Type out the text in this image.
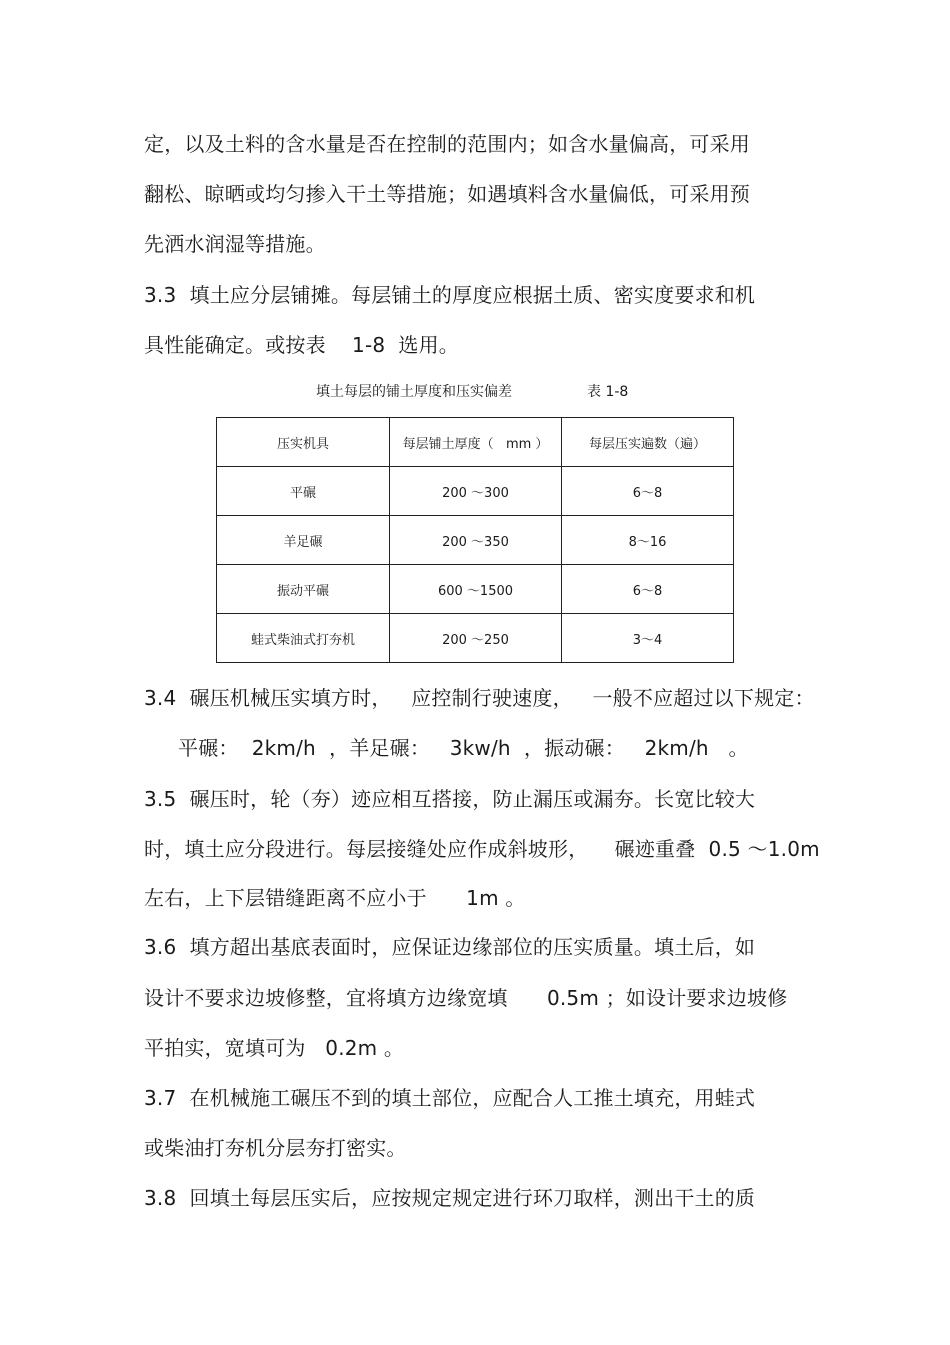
定，以及土料的含水量是否在控制的范围内；如含水量偏高，可采用
翻松、晾晒或均匀掺入干土等措施；如遇填料含水量偏低，可采用预
先洒水润湿等措施。
3.3  填土应分层铺摊。每层铺土的厚度应根据土质、密实度要求和机
具性能确定。或按表    1-8  选用。
填土每层的铺土厚度和压实偏差	表 1-8
压实机具	每层铺土厚度（   mm ）	每层压实遍数（遍）
平碾	200 ～300	6～8
羊足碾	200 ～350	8～16
振动平碾	600 ～1500	6～8
蛙式柴油式打夯机	200 ～250	3～4
3.4  碾压机械压实填方时，   应控制行驶速度，   一般不应超过以下规定：
平碾：  2km/h  ，羊足碾：   3kw/h  ，振动碾：   2km/h   。
3.5  碾压时，轮（夯）迹应相互搭接，防止漏压或漏夯。长宽比较大
时，填土应分段进行。每层接缝处应作成斜坡形，    碾迹重叠  0.5 ～1.0m
左右，上下层错缝距离不应小于      1m 。
3.6  填方超出基底表面时，应保证边缘部位的压实质量。填土后，如
设计不要求边坡修整，宜将填方边缘宽填      0.5m ；如设计要求边坡修
平拍实，宽填可为   0.2m 。
3.7  在机械施工碾压不到的填土部位，应配合人工推土填充，用蛙式
或柴油打夯机分层夯打密实。
3.8  回填土每层压实后，应按规定规定进行环刀取样，测出干土的质
